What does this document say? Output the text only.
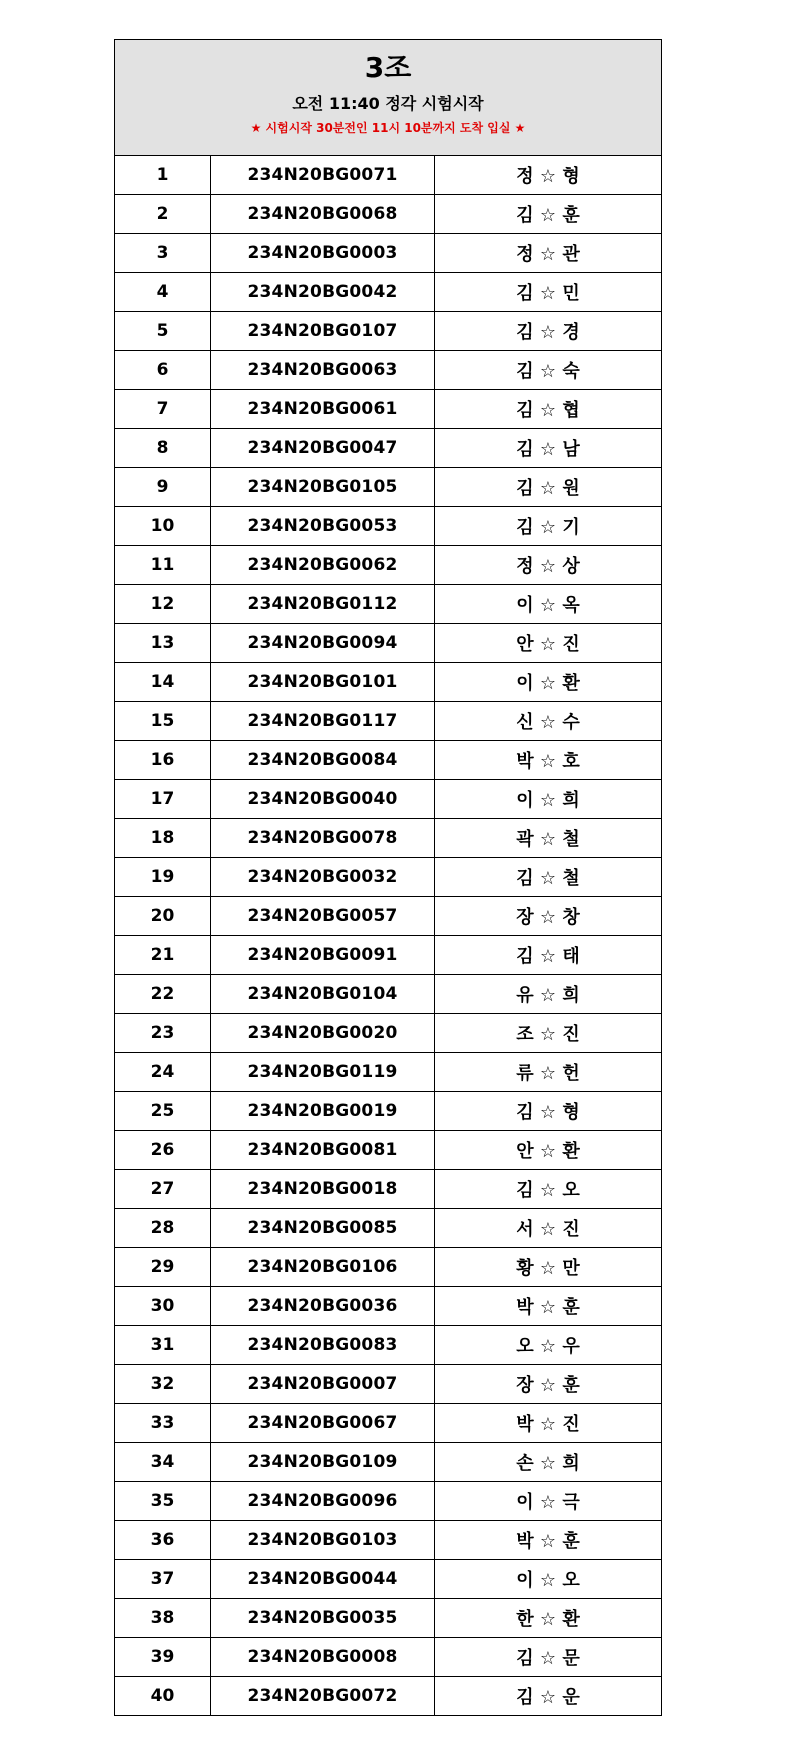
3조
오전 11:40 정각 시험시작
★ 시험시작 30분전인 11시 10분까지 도착 입실 ★
1	234N20BG0071	정 ☆ 형
2	234N20BG0068	김 ☆ 훈
3	234N20BG0003	정 ☆ 관
4	234N20BG0042	김 ☆ 민
5	234N20BG0107	김 ☆ 경
6	234N20BG0063	김 ☆ 숙
7	234N20BG0061	김 ☆ 협
8	234N20BG0047	김 ☆ 남
9	234N20BG0105	김 ☆ 원
10	234N20BG0053	김 ☆ 기
11	234N20BG0062	정 ☆ 상
12	234N20BG0112	이 ☆ 옥
13	234N20BG0094	안 ☆ 진
14	234N20BG0101	이 ☆ 환
15	234N20BG0117	신 ☆ 수
16	234N20BG0084	박 ☆ 호
17	234N20BG0040	이 ☆ 희
18	234N20BG0078	곽 ☆ 철
19	234N20BG0032	김 ☆ 철
20	234N20BG0057	장 ☆ 창
21	234N20BG0091	김 ☆ 태
22	234N20BG0104	유 ☆ 희
23	234N20BG0020	조 ☆ 진
24	234N20BG0119	류 ☆ 헌
25	234N20BG0019	김 ☆ 형
26	234N20BG0081	안 ☆ 환
27	234N20BG0018	김 ☆ 오
28	234N20BG0085	서 ☆ 진
29	234N20BG0106	황 ☆ 만
30	234N20BG0036	박 ☆ 훈
31	234N20BG0083	오 ☆ 우
32	234N20BG0007	장 ☆ 훈
33	234N20BG0067	박 ☆ 진
34	234N20BG0109	손 ☆ 희
35	234N20BG0096	이 ☆ 극
36	234N20BG0103	박 ☆ 훈
37	234N20BG0044	이 ☆ 오
38	234N20BG0035	한 ☆ 환
39	234N20BG0008	김 ☆ 문
40	234N20BG0072	김 ☆ 운
